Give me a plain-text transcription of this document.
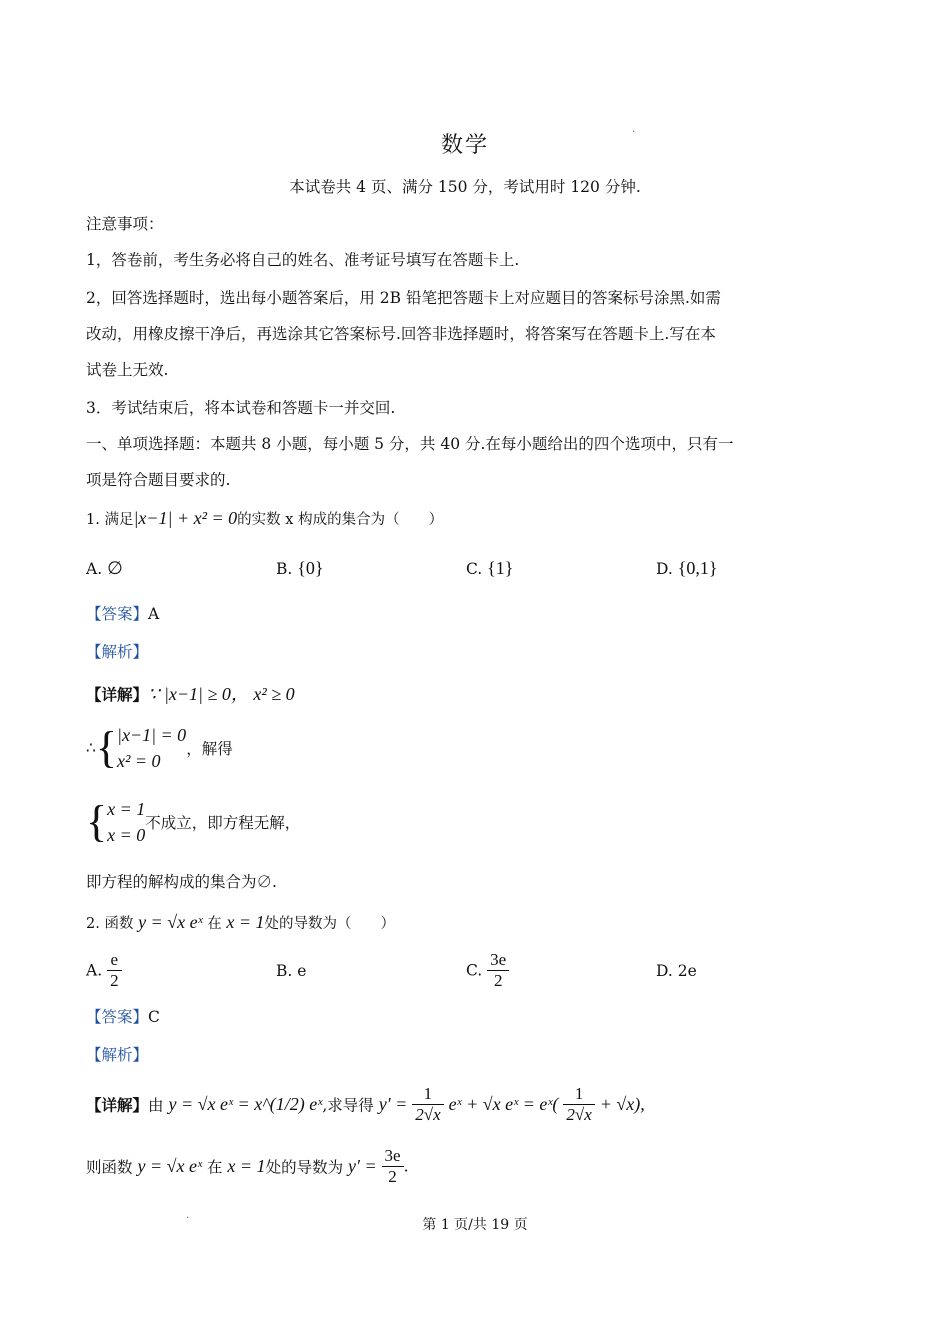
.
数学
本试卷共 4 页、满分 150 分，考试用时 120 分钟.
注意事项：
1，答卷前，考生务必将自己的姓名、准考证号填写在答题卡上.
2，回答选择题时，选出每小题答案后，用 2B 铅笔把答题卡上对应题目的答案标号涂黑.如需
改动，用橡皮擦干净后，再选涂其它答案标号.回答非选择题时，将答案写在答题卡上.写在本
试卷上无效.
3．考试结束后，将本试卷和答题卡一并交回.
一、单项选择题：本题共 8 小题，每小题 5 分，共 40 分.在每小题给出的四个选项中，只有一
项是符合题目要求的.
1. 满足|x−1| + x² = 0的实数 x 构成的集合为（　　）
A. ∅	B. {0}	C. {1}	D. {0,1}
【答案】A
【解析】
【详解】∵ |x−1| ≥ 0， x² ≥ 0
∴{ |x−1| = 0
x² = 0
，解得
{ x = 1
x = 0
不成立，即方程无解，
即方程的解构成的集合为∅.
2. 函数 y = √x eˣ 在 x = 1处的导数为（　　）
A. $\frac{e}{2}$	B. e	C. $\frac{3e}{2}$	D. 2e
【答案】C
【解析】
【详解】由 y = √x eˣ = x^(1/2) eˣ,求导得 $y' = \frac{1}{2√x}$ eˣ + √x eˣ = eˣ( $\frac{1}{2√x} + √x$),
则函数 y = √x eˣ 在 x = 1处的导数为 $y' = \frac{3e}{2}$ .
.
第 1 页/共 19 页
